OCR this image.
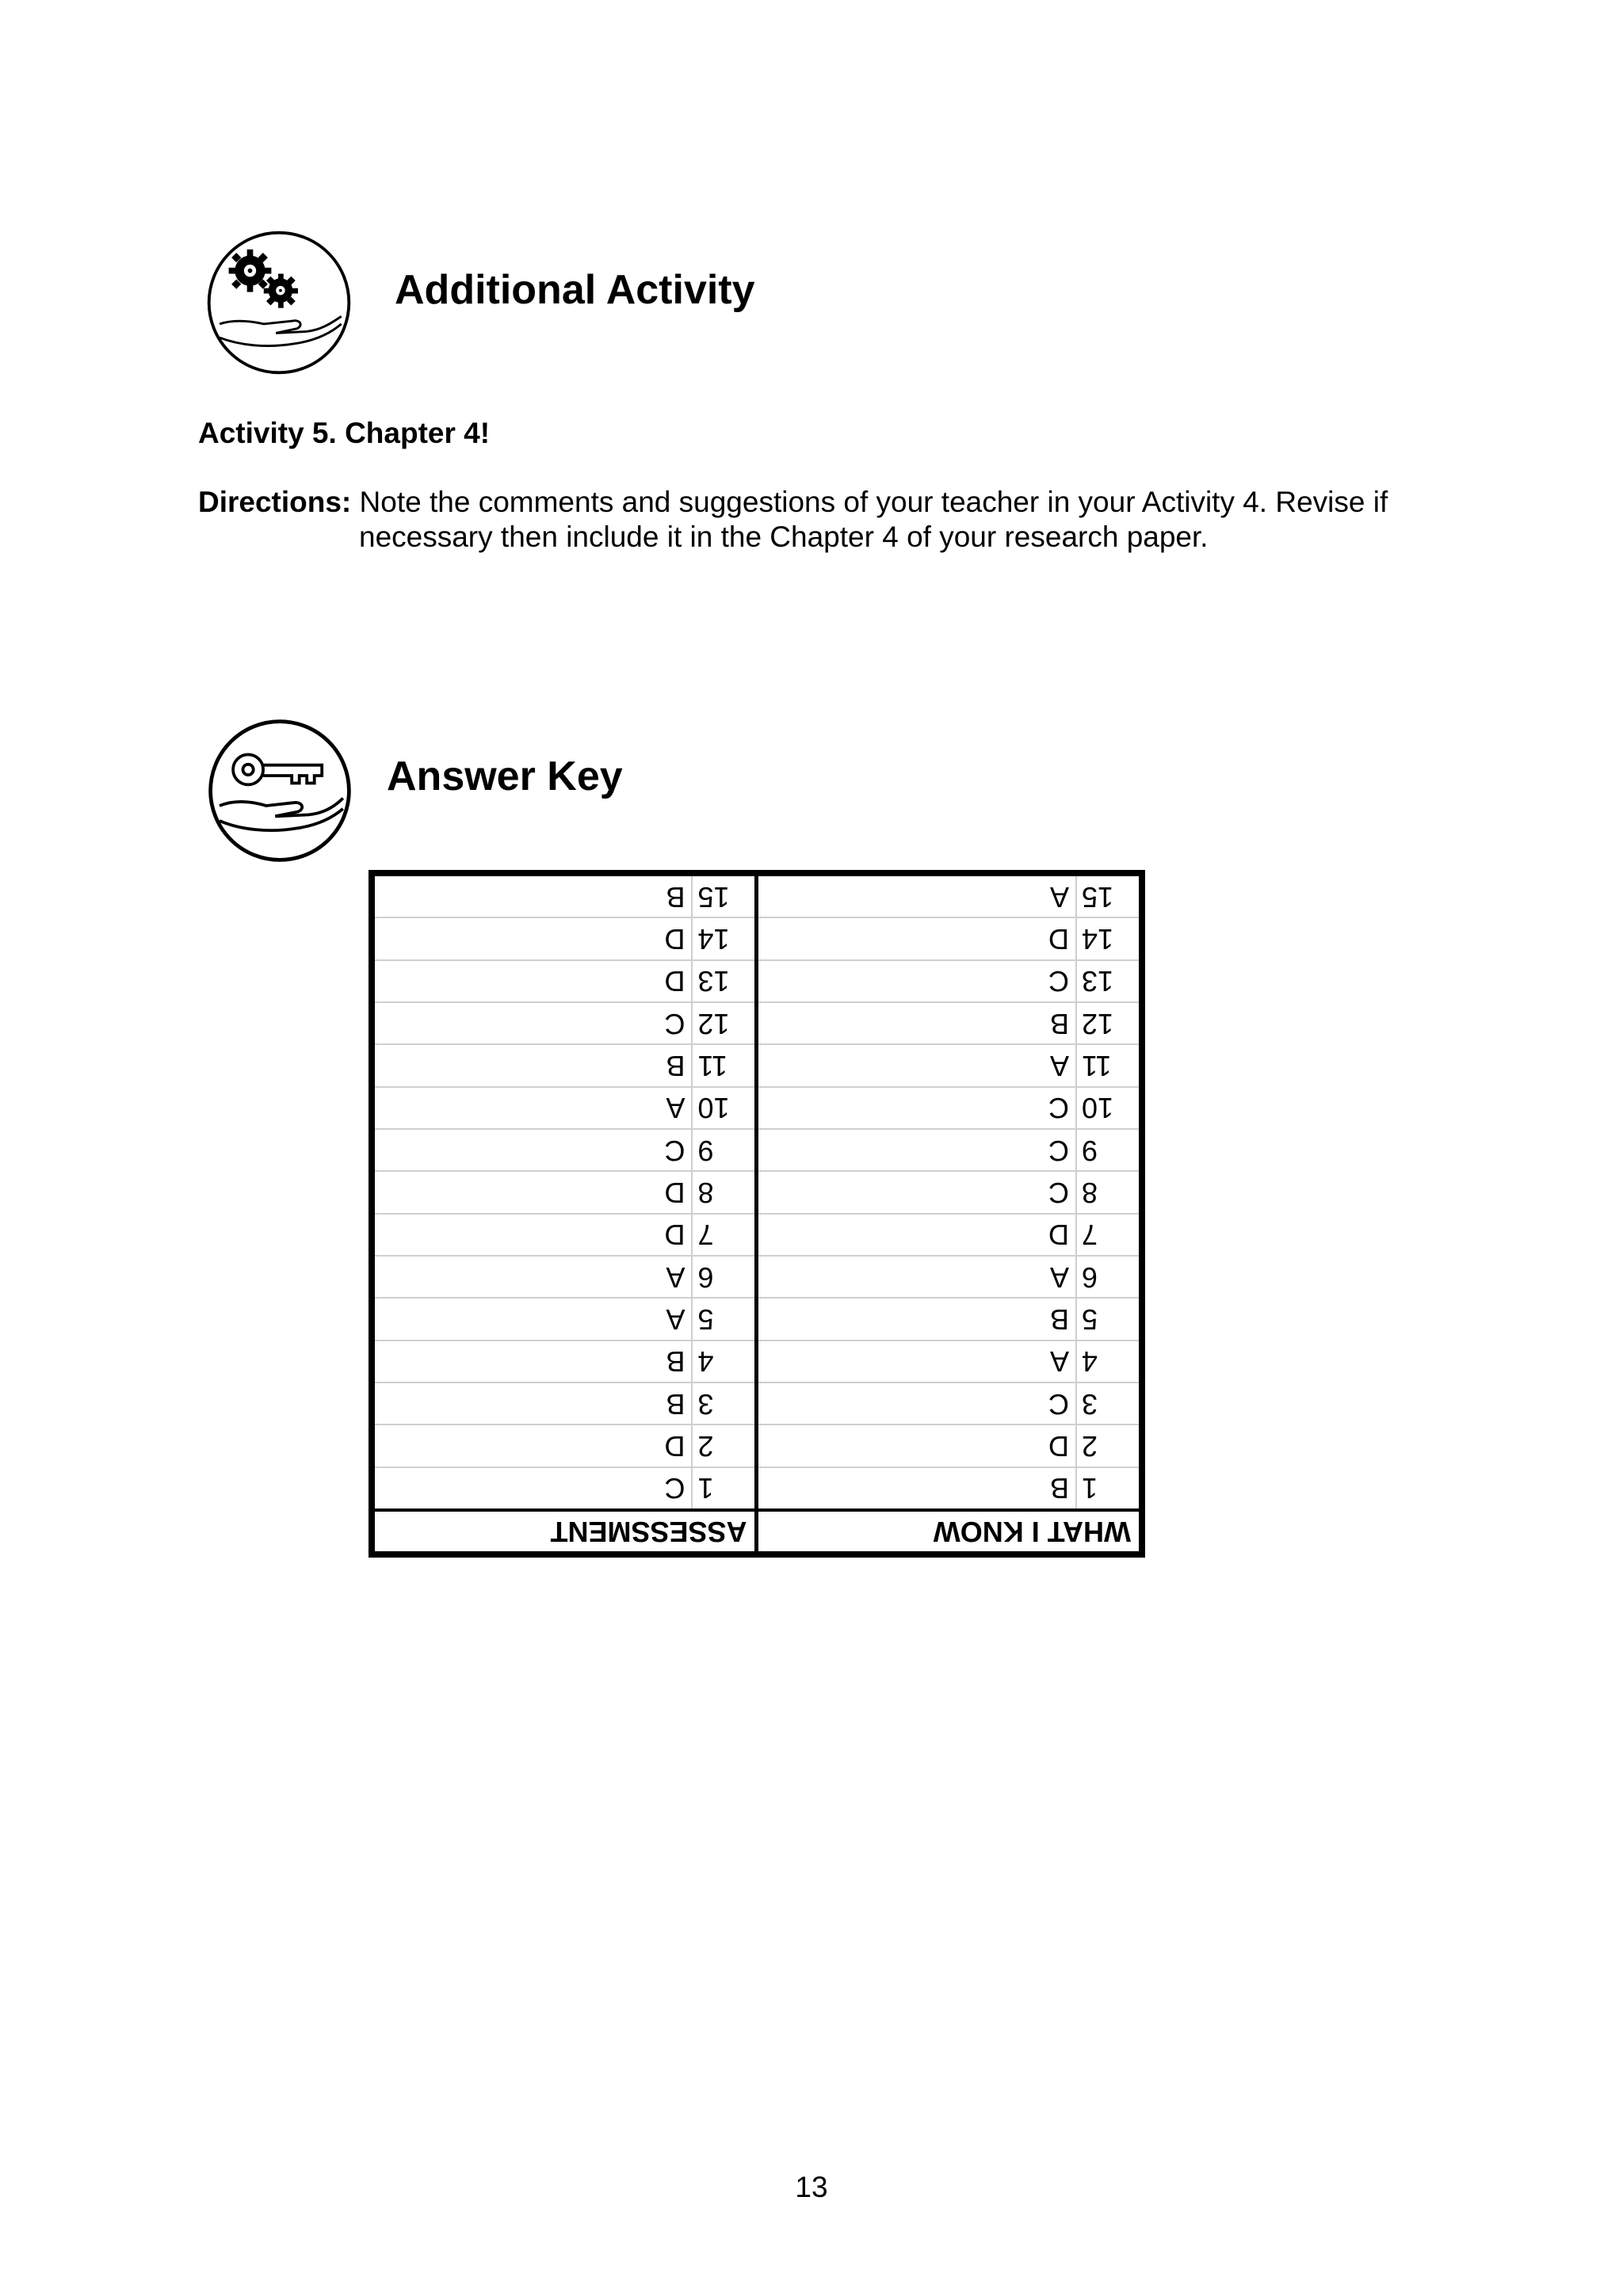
Additional Activity
Activity 5. Chapter 4!
Directions: Note the comments and suggestions of your teacher in your Activity 4. Revise if
necessary then include it in the Chapter 4 of your research paper.
Answer Key
WHAT I KNOW
1
B
2
D
3
C
4
A
5
B
6
A
7
D
8
C
9
C
10
C
11
A
12
B
13
C
14
D
15
A
ASSESSMENT
1
C
2
D
3
B
4
B
5
A
6
A
7
D
8
D
9
C
10
A
11
B
12
C
13
D
14
D
15
B
13
